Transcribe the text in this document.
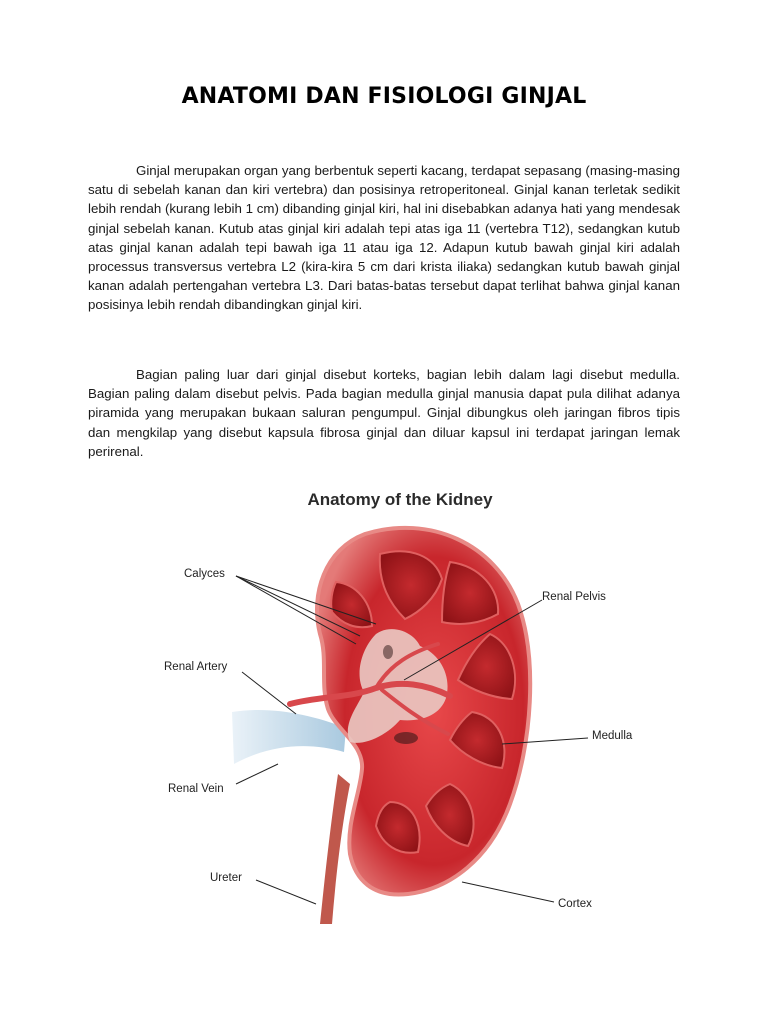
ANATOMI DAN FISIOLOGI GINJAL

Ginjal merupakan organ yang berbentuk seperti kacang, terdapat sepasang (masing-masing satu di sebelah kanan dan kiri vertebra) dan posisinya retroperitoneal. Ginjal kanan terletak sedikit lebih rendah (kurang lebih 1 cm) dibanding ginjal kiri, hal ini disebabkan adanya hati yang mendesak ginjal sebelah kanan. Kutub atas ginjal kiri adalah tepi atas iga 11 (vertebra T12), sedangkan kutub atas ginjal kanan adalah tepi bawah iga 11 atau iga 12. Adapun kutub bawah ginjal kiri adalah processus transversus vertebra L2 (kira-kira 5 cm dari krista iliaka) sedangkan kutub bawah ginjal kanan adalah pertengahan vertebra L3. Dari batas-batas tersebut dapat terlihat bahwa ginjal kanan posisinya lebih rendah dibandingkan ginjal kiri.

Bagian paling luar dari ginjal disebut korteks, bagian lebih dalam lagi disebut medulla. Bagian paling dalam disebut pelvis. Pada bagian medulla ginjal manusia dapat pula dilihat adanya piramida yang merupakan bukaan saluran pengumpul. Ginjal dibungkus oleh jaringan fibros tipis dan mengkilap yang disebut kapsula fibrosa ginjal dan diluar kapsul ini terdapat jaringan lemak perirenal.

Anatomy of the Kidney
Calyces
Renal Artery
Renal Vein
Ureter
Renal Pelvis
Medulla
Cortex
